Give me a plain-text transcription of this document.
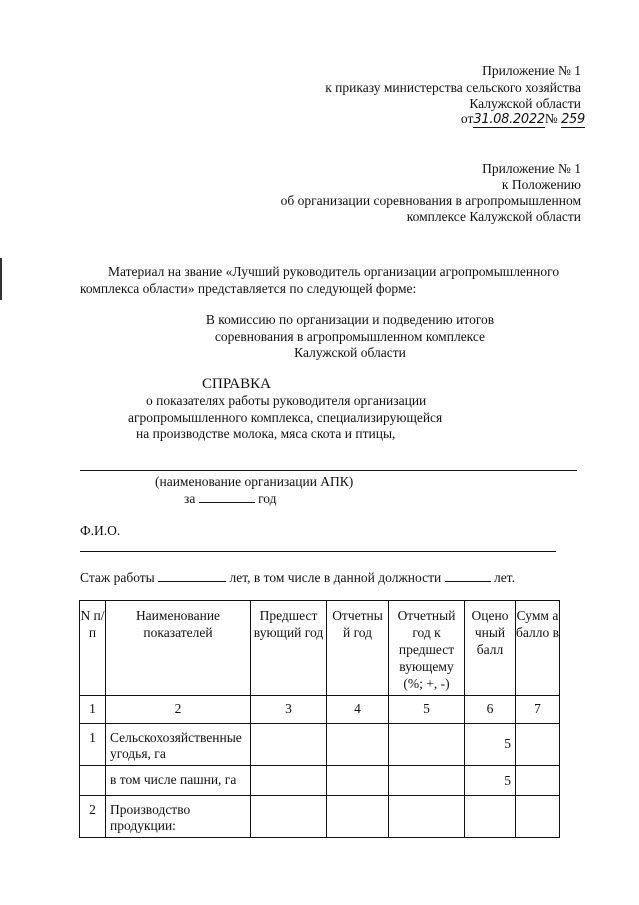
Приложение № 1
к приказу министерства сельского хозяйства
Калужской области
от31.08.2022№ 259
Приложение № 1
к Положению
об организации соревнования в агропромышленном
комплексе Калужской области
Материал на звание «Лучший руководитель организации агропромышленного
комплекса области» представляется по следующей форме:
В комиссию по организации и подведению итогов
соревнования в агропромышленном комплексе
Калужской области
СПРАВКА
о показателях работы руководителя организации
агропромышленного комплекса, специализирующейся
на производстве молока, мяса скота и птицы,
(наименование организации АПК)
за	год
Ф.И.О.
Стаж работы	лет, в том числе в данной должности	лет.
N п/п	Наименование показателей	Предшест вующий год	Отчетны й год	Отчетный год к предшест вующему (%; +, -)	Оцено чный балл	Сумм а балло в
1	2	3	4	5	6	7
1	Сельскохозяйственные угодья, га				5	
	в том числе пашни, га				5	
2	Производство продукции:					
